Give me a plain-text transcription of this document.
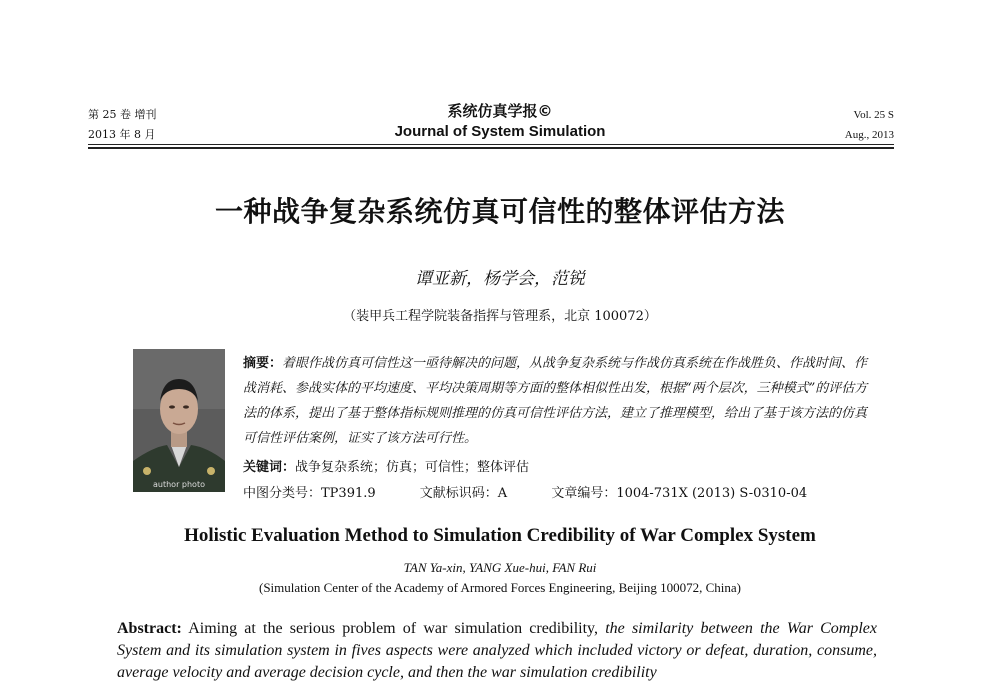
第 25 卷 增刊
2013 年 8 月
系统仿真学报©
Journal of System Simulation
Vol. 25 S
Aug., 2013
一种战争复杂系统仿真可信性的整体评估方法
谭亚新，杨学会，范锐
（装甲兵工程学院装备指挥与管理系，北京 100072）
author photo
摘要：着眼作战仿真可信性这一亟待解决的问题，从战争复杂系统与作战仿真系统在作战胜负、作战时间、作战消耗、参战实体的平均速度、平均决策周期等方面的整体相似性出发，根据“两个层次，三种模式”的评估方法的体系，提出了基于整体指标规则推理的仿真可信性评估方法，建立了推理模型，给出了基于该方法的仿真可信性评估案例，证实了该方法可行性。
关键词：战争复杂系统；仿真；可信性；整体评估
中图分类号：TP391.9	文献标识码：A	文章编号：1004-731X (2013) S-0310-04
Holistic Evaluation Method to Simulation Credibility of War Complex System
TAN Ya-xin, YANG Xue-hui, FAN Rui
(Simulation Center of the Academy of Armored Forces Engineering, Beijing 100072, China)
Abstract: Aiming at the serious problem of war simulation credibility, the similarity between the War Complex System and its simulation system in fives aspects were analyzed which included victory or defeat, duration, consume, average velocity and average decision cycle, and then the war simulation credibility
